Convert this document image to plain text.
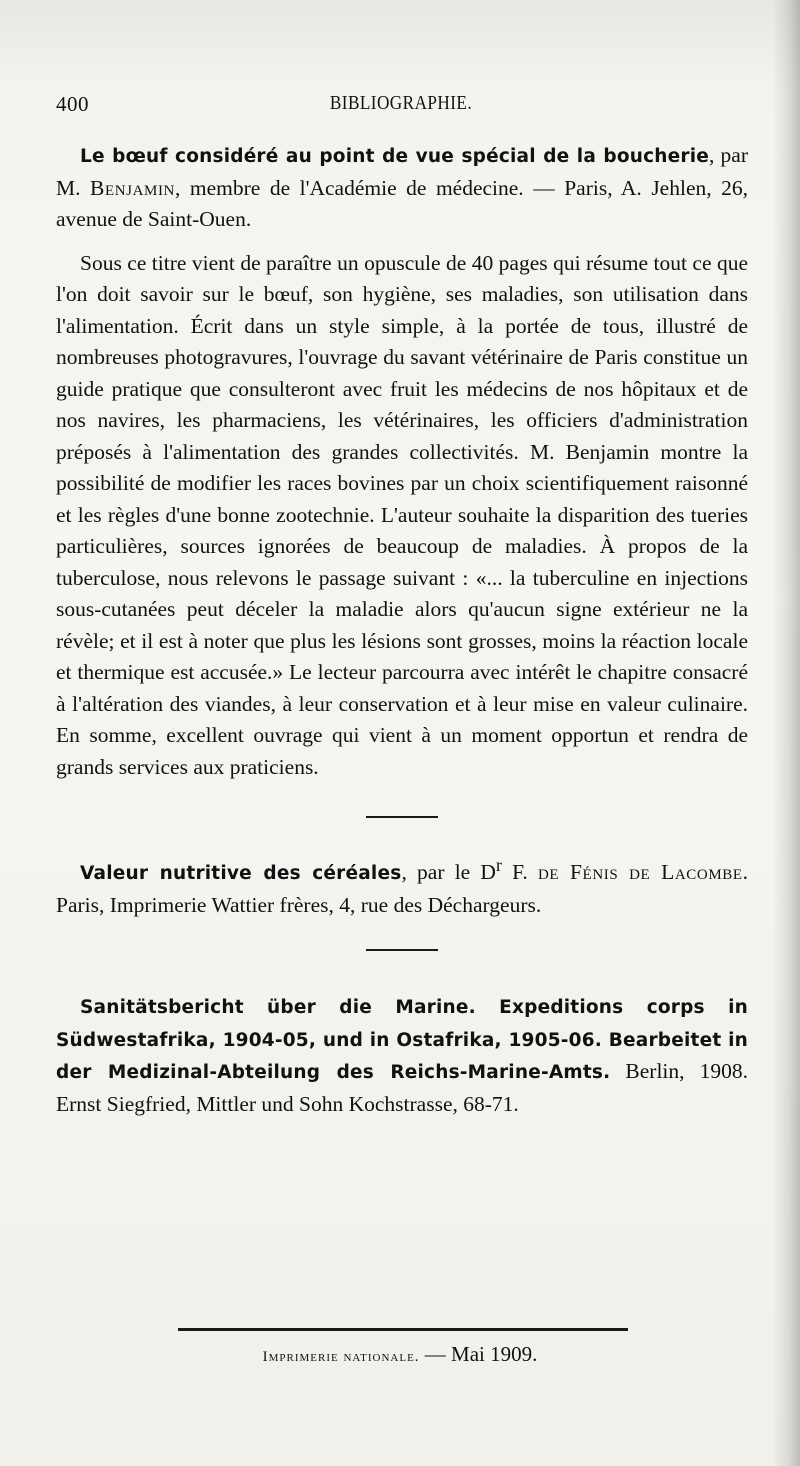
400	BIBLIOGRAPHIE.

Le bœuf considéré au point de vue spécial de la boucherie, par M. Benjamin, membre de l'Académie de médecine. — Paris, A. Jehlen, 26, avenue de Saint-Ouen.

Sous ce titre vient de paraître un opuscule de 40 pages qui résume tout ce que l'on doit savoir sur le bœuf, son hygiène, ses maladies, son utilisation dans l'alimentation. Écrit dans un style simple, à la portée de tous, illustré de nombreuses photogravures, l'ouvrage du savant vétérinaire de Paris constitue un guide pratique que consulteront avec fruit les médecins de nos hôpitaux et de nos navires, les pharmaciens, les vétérinaires, les officiers d'administration préposés à l'alimentation des grandes collectivités. M. Benjamin montre la possibilité de modifier les races bovines par un choix scientifiquement raisonné et les règles d'une bonne zootechnie. L'auteur souhaite la disparition des tueries particulières, sources ignorées de beaucoup de maladies. À propos de la tuberculose, nous relevons le passage suivant : «... la tuberculine en injections sous-cutanées peut déceler la maladie alors qu'aucun signe extérieur ne la révèle; et il est à noter que plus les lésions sont grosses, moins la réaction locale et thermique est accusée.» Le lecteur parcourra avec intérêt le chapitre consacré à l'altération des viandes, à leur conservation et à leur mise en valeur culinaire. En somme, excellent ouvrage qui vient à un moment opportun et rendra de grands services aux praticiens.

Valeur nutritive des céréales, par le $D^r$ F. de Fénis de Lacombe. Paris, Imprimerie Wattier frères, 4, rue des Déchargeurs.

Sanitätsbericht über die Marine. Expeditions corps in Südwestafrika, 1904-05, und in Ostafrika, 1905-06. Bearbeitet in der Medizinal-Abteilung des Reichs-Marine-Amts. Berlin, 1908. Ernst Siegfried, Mittler und Sohn Kochstrasse, 68-71.

Imprimerie nationale. — Mai 1909.
